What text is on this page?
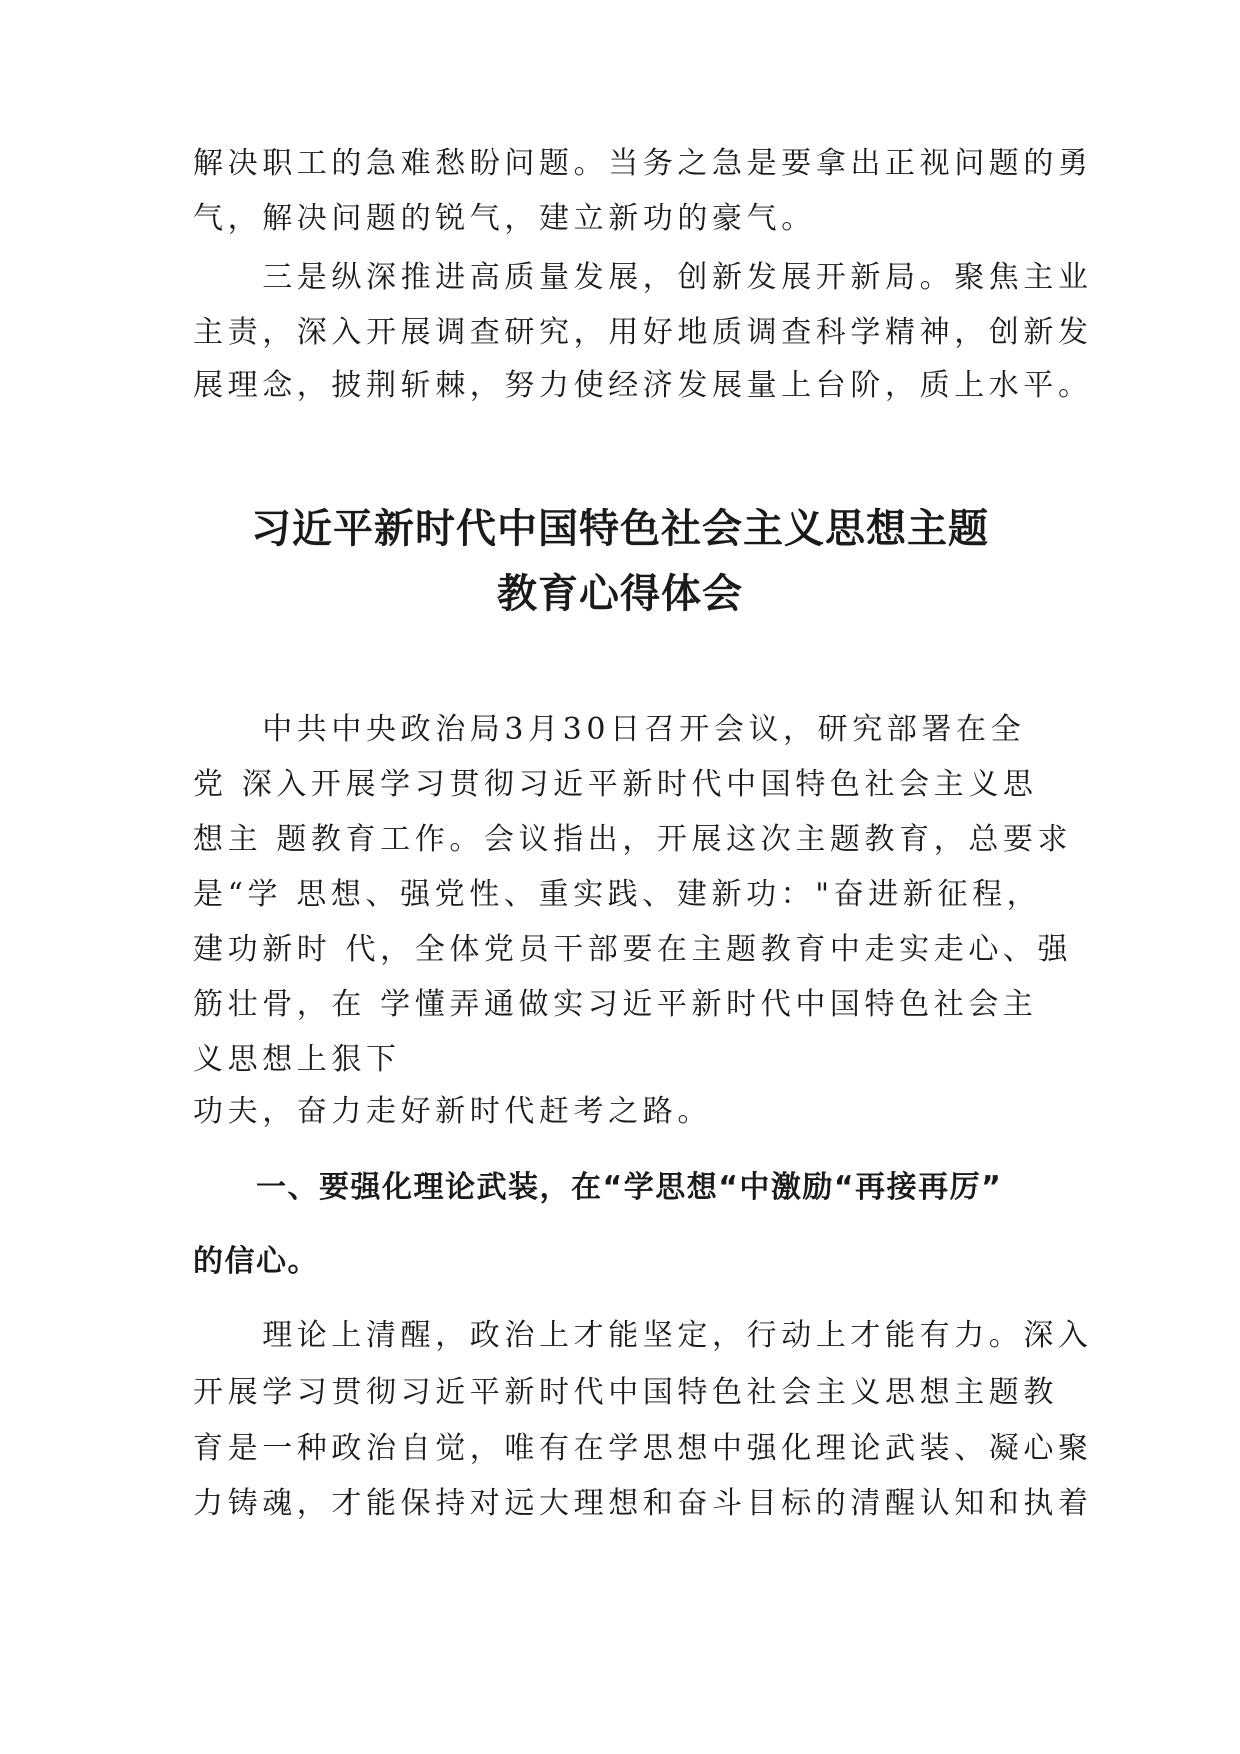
解决职工的急难愁盼问题。当务之急是要拿出正视问题的勇
气，解决问题的锐气，建立新功的豪气。
　　三是纵深推进高质量发展，创新发展开新局。聚焦主业
主责，深入开展调查研究，用好地质调查科学精神，创新发
展理念，披荆斩棘，努力使经济发展量上台阶，质上水平。
习近平新时代中国特色社会主义思想主题
教育心得体会
　　中共中央政治局3月30日召开会议，研究部署在全
党 深入开展学习贯彻习近平新时代中国特色社会主义思
想主 题教育工作。会议指出，开展这次主题教育，总要求
是“学 思想、强党性、重实践、建新功："奋进新征程，
建功新时 代，全体党员干部要在主题教育中走实走心、强
筋壮骨，在 学懂弄通做实习近平新时代中国特色社会主
义思想上狠下
功夫，奋力走好新时代赶考之路。
　　一、要强化理论武装，在“学思想“中激励“再接再厉”
的信心。
　　理论上清醒，政治上才能坚定，行动上才能有力。深入
开展学习贯彻习近平新时代中国特色社会主义思想主题教
育是一种政治自觉，唯有在学思想中强化理论武装、凝心聚
力铸魂，才能保持对远大理想和奋斗目标的清醒认知和执着
